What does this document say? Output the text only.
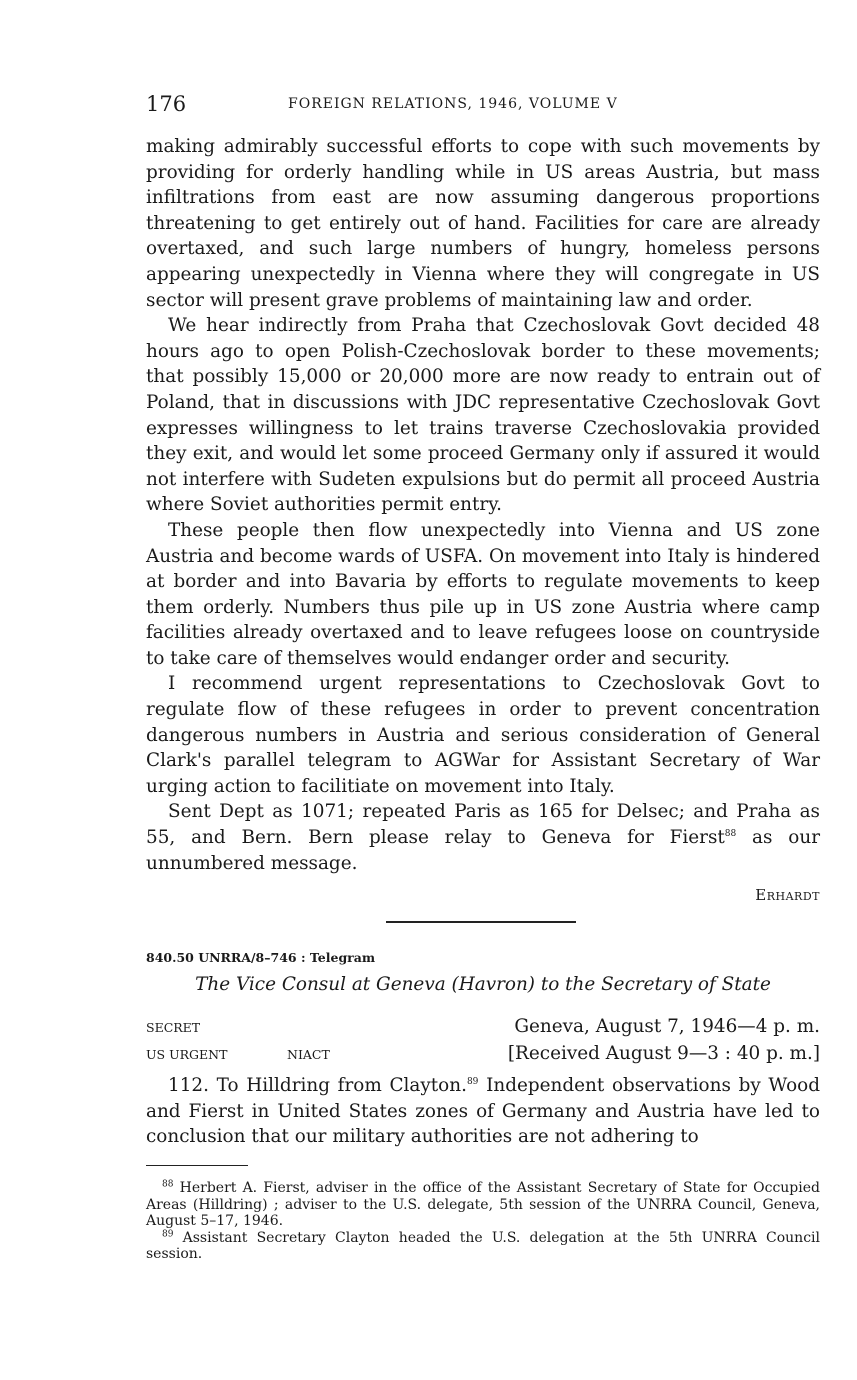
176	FOREIGN RELATIONS, 1946, VOLUME V

making admirably successful efforts to cope with such movements by providing for orderly handling while in US areas Austria, but mass infiltrations from east are now assuming dangerous proportions threatening to get entirely out of hand. Facilities for care are already overtaxed, and such large numbers of hungry, homeless persons appearing unexpectedly in Vienna where they will congregate in US sector will present grave problems of maintaining law and order.

We hear indirectly from Praha that Czechoslovak Govt decided 48 hours ago to open Polish-Czechoslovak border to these movements; that possibly 15,000 or 20,000 more are now ready to entrain out of Poland, that in discussions with JDC representative Czechoslovak Govt expresses willingness to let trains traverse Czechoslovakia provided they exit, and would let some proceed Germany only if assured it would not interfere with Sudeten expulsions but do permit all proceed Austria where Soviet authorities permit entry.

These people then flow unexpectedly into Vienna and US zone Austria and become wards of USFA. On movement into Italy is hindered at border and into Bavaria by efforts to regulate movements to keep them orderly. Numbers thus pile up in US zone Austria where camp facilities already overtaxed and to leave refugees loose on countryside to take care of themselves would endanger order and security.

I recommend urgent representations to Czechoslovak Govt to regulate flow of these refugees in order to prevent concentration dangerous numbers in Austria and serious consideration of General Clark's parallel telegram to AGWar for Assistant Secretary of War urging action to facilitiate on movement into Italy.

Sent Dept as 1071; repeated Paris as 165 for Delsec; and Praha as 55, and Bern. Bern please relay to Geneva for Fierst$^{88}$ as our unnumbered message.

Erhardt
840.50 UNRRA/8–746 : Telegram
The Vice Consul at Geneva (Havron) to the Secretary of State
SECRET	Geneva, August 7, 1946—4 p. m.
US URGENT	NIACT	[Received August 9—3 : 40 p. m.]

112. To Hilldring from Clayton.$^{89}$ Independent observations by Wood and Fierst in United States zones of Germany and Austria have led to conclusion that our military authorities are not adhering to

$^{88}$ Herbert A. Fierst, adviser in the office of the Assistant Secretary of State for Occupied Areas (Hilldring) ; adviser to the U.S. delegate, 5th session of the UNRRA Council, Geneva, August 5–17, 1946.

$^{89}$ Assistant Secretary Clayton headed the U.S. delegation at the 5th UNRRA Council session.
